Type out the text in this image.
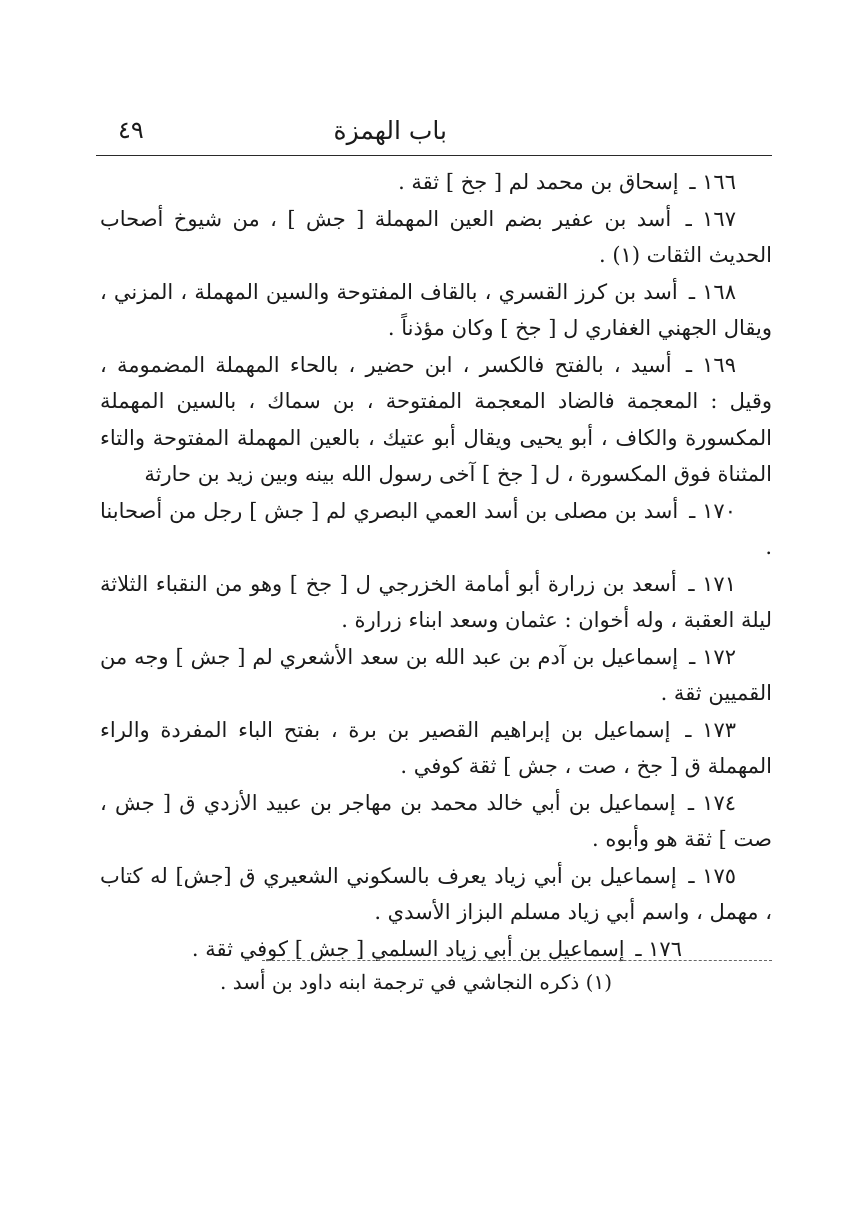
باب الهمزة
٤٩

١٦٦ ـ إسحاق بن محمد لم [ جخ ] ثقة .

١٦٧ ـ أسد بن عفير بضم العين المهملة [ جش ] ، من شيوخ أصحاب الحديث الثقات (١) .

١٦٨ ـ أسد بن كرز القسري ، بالقاف المفتوحة والسين المهملة ، المزني ، ويقال الجهني الغفاري ل [ جخ ] وكان مؤذناً .

١٦٩ ـ أسيد ، بالفتح فالكسر ، ابن حضير ، بالحاء المهملة المضمومة ، وقيل : المعجمة فالضاد المعجمة المفتوحة ، بن سماك ، بالسين المهملة المكسورة والكاف ، أبو يحيى ويقال أبو عتيك ، بالعين المهملة المفتوحة والتاء المثناة فوق المكسورة ، ل [ جخ ] آخى رسول الله بينه وبين زيد بن حارثة

١٧٠ ـ أسد بن مصلى بن أسد العمي البصري لم [ جش ] رجل من أصحابنا .

١٧١ ـ أسعد بن زرارة أبو أمامة الخزرجي ل [ جخ ] وهو من النقباء الثلاثة ليلة العقبة ، وله أخوان : عثمان وسعد ابناء زرارة .

١٧٢ ـ إسماعيل بن آدم بن عبد الله بن سعد الأشعري لم [ جش ] وجه من القميين ثقة .

١٧٣ ـ إسماعيل بن إبراهيم القصير بن برة ، بفتح الباء المفردة والراء المهملة ق [ جخ ، صت ، جش ] ثقة كوفي .

١٧٤ ـ إسماعيل بن أبي خالد محمد بن مهاجر بن عبيد الأزدي ق [ جش ، صت ] ثقة هو وأبوه .

١٧٥ ـ إسماعيل بن أبي زياد يعرف بالسكوني الشعيري ق [جش] له كتاب ، مهمل ، واسم أبي زياد مسلم البزاز الأسدي .

١٧٦ ـ إسماعيل بن أبي زياد السلمي [ جش ] كوفي ثقة .

(١) ذكره النجاشي في ترجمة ابنه داود بن أسد .
